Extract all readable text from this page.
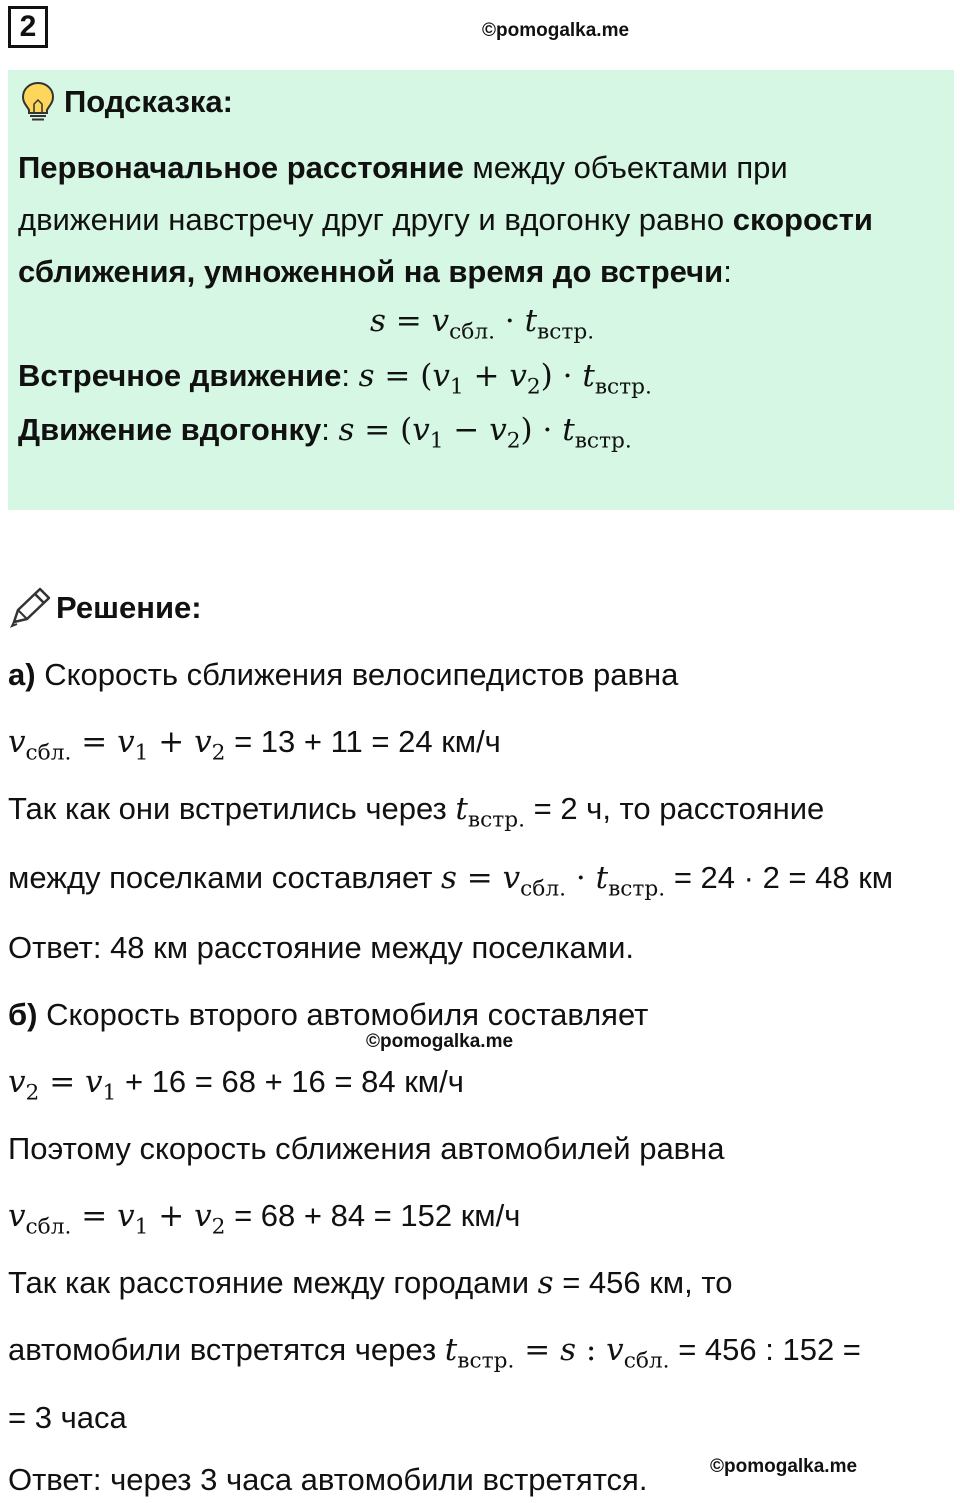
2	©pomogalka.me
Подсказка:
Первоначальное расстояние между объектами при
движении навстречу друг другу и вдогонку равно скорости
сближения, умноженной на время до встречи:
$s = v_{сбл.} \cdot t_{встр.}$
Встречное движение: $s = (v_1 + v_2) \cdot t_{встр.}$
Движение вдогонку: $s = (v_1 - v_2) \cdot t_{встр.}$
Решение:
а) Скорость сближения велосипедистов равна
$v_{сбл.} = v_1 + v_2 = 13 + 11 = 24$ км/ч
Так как они встретились через $t_{встр.} = 2$ ч, то расстояние
между поселками составляет $s = v_{сбл.} \cdot t_{встр.} = 24 \cdot 2 = 48$ км
Ответ: 48 км расстояние между поселками.
б) Скорость второго автомобиля составляет
©pomogalka.me
$v_2 = v_1 + 16 = 68 + 16 = 84$ км/ч
Поэтому скорость сближения автомобилей равна
$v_{сбл.} = v_1 + v_2 = 68 + 84 = 152$ км/ч
Так как расстояние между городами s = 456 км, то
автомобили встретятся через $t_{встр.} = s$ : $v_{сбл.} = 456$ : 152 =
= 3 часа
Ответ: через 3 часа автомобили встретятся.	©pomogalka.me
